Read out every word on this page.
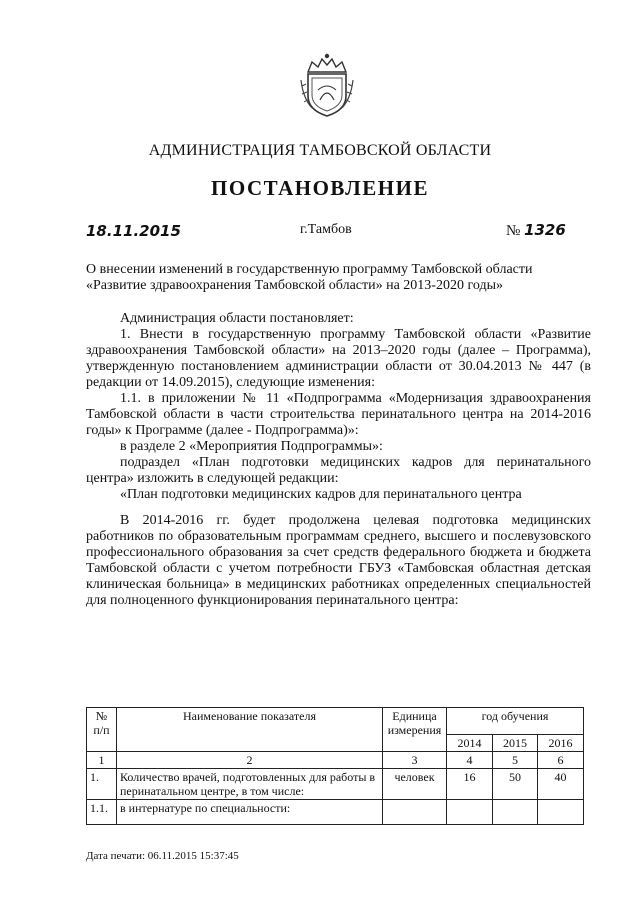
АДМИНИСТРАЦИЯ ТАМБОВСКОЙ ОБЛАСТИ
ПОСТАНОВЛЕНИЕ
18.11.2015	г.Тамбов	№ 1326
О внесении изменений в государственную программу Тамбовской области
«Развитие здравоохранения Тамбовской области» на 2013-2020 годы»

Администрация области постановляет:

1. Внести в государственную программу Тамбовской области «Развитие здравоохранения Тамбовской области» на 2013–2020 годы (далее – Программа), утвержденную постановлением администрации области от 30.04.2013 № 447 (в редакции от 14.09.2015), следующие изменения:

1.1. в приложении № 11 «Подпрограмма «Модернизация здравоохранения Тамбовской области в части строительства перинатального центра на 2014-2016 годы» к Программе (далее - Подпрограмма)»:

в разделе 2 «Мероприятия Подпрограммы»:

подраздел «План подготовки медицинских кадров для перинатального центра» изложить в следующей редакции:

«План подготовки медицинских кадров для перинатального центра

В 2014-2016 гг. будет продолжена целевая подготовка медицинских работников по образовательным программам среднего, высшего и послевузовского профессионального образования за счет средств федерального бюджета и бюджета Тамбовской области с учетом потребности ГБУЗ «Тамбовская областная детская клиническая больница» в медицинских работниках определенных специальностей для полноценного функционирования перинатального центра:

№ п/п	Наименование показателя	Единица измерения	год обучения		
			2014	2015	2016
1	2	3	4	5	6
1.	Количество врачей, подготовленных для работы в перинатальном центре, в том числе:	человек	16	50	40
1.1.	в интернатуре по специальности:				
Дата печати: 06.11.2015 15:37:45
